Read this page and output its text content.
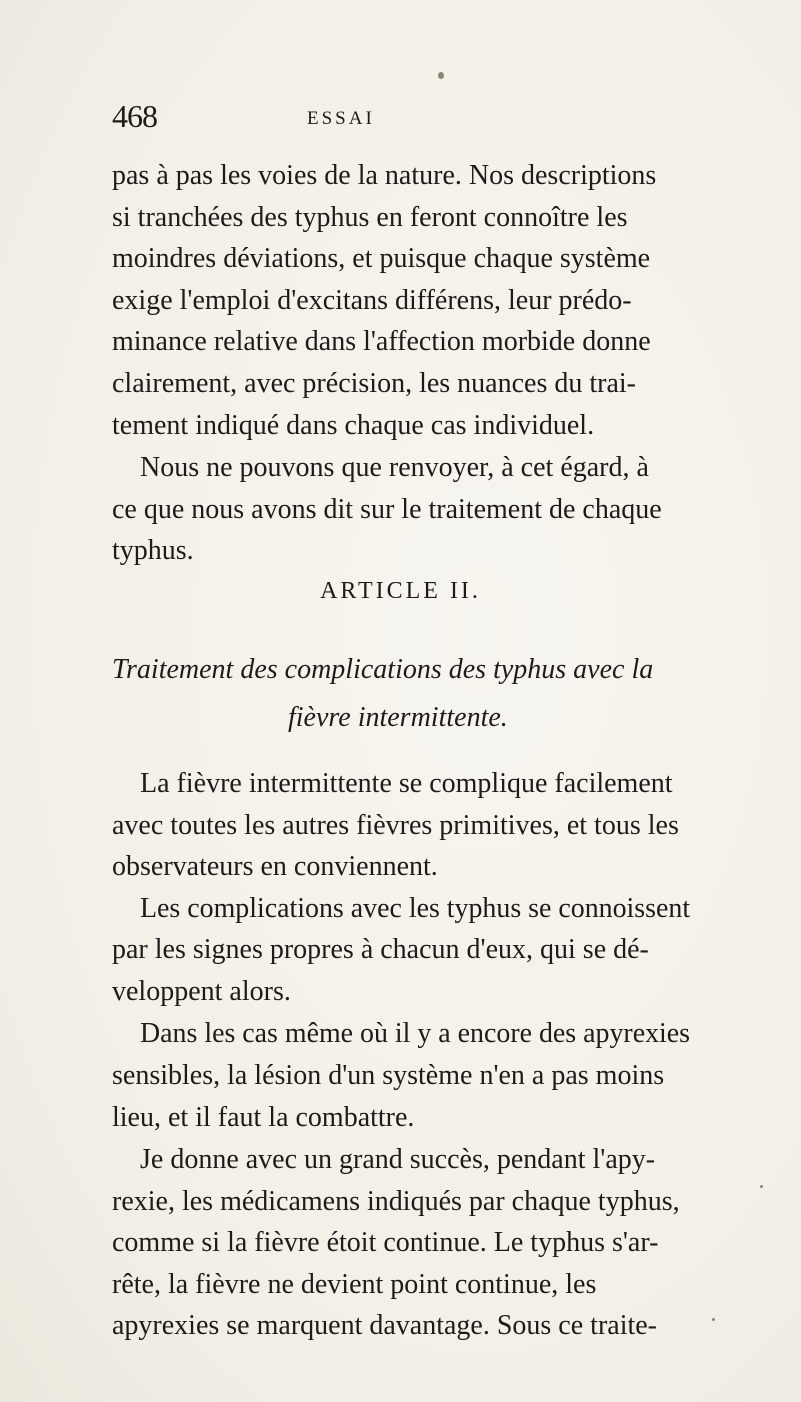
468	ESSAI
pas à pas les voies de la nature. Nos descriptions
si tranchées des typhus en feront connoître les
moindres déviations, et puisque chaque système
exige l'emploi d'excitans différens, leur prédo-
minance relative dans l'affection morbide donne
clairement, avec précision, les nuances du trai-
tement indiqué dans chaque cas individuel.
Nous ne pouvons que renvoyer, à cet égard, à
ce que nous avons dit sur le traitement de chaque
typhus.
ARTICLE II.
Traitement des complications des typhus avec la
fièvre intermittente.
La fièvre intermittente se complique facilement
avec toutes les autres fièvres primitives, et tous les
observateurs en conviennent.
Les complications avec les typhus se connoissent
par les signes propres à chacun d'eux, qui se dé-
veloppent alors.
Dans les cas même où il y a encore des apyrexies
sensibles, la lésion d'un système n'en a pas moins
lieu, et il faut la combattre.
Je donne avec un grand succès, pendant l'apy-
rexie, les médicamens indiqués par chaque typhus,
comme si la fièvre étoit continue. Le typhus s'ar-
rête, la fièvre ne devient point continue, les
apyrexies se marquent davantage. Sous ce traite-
